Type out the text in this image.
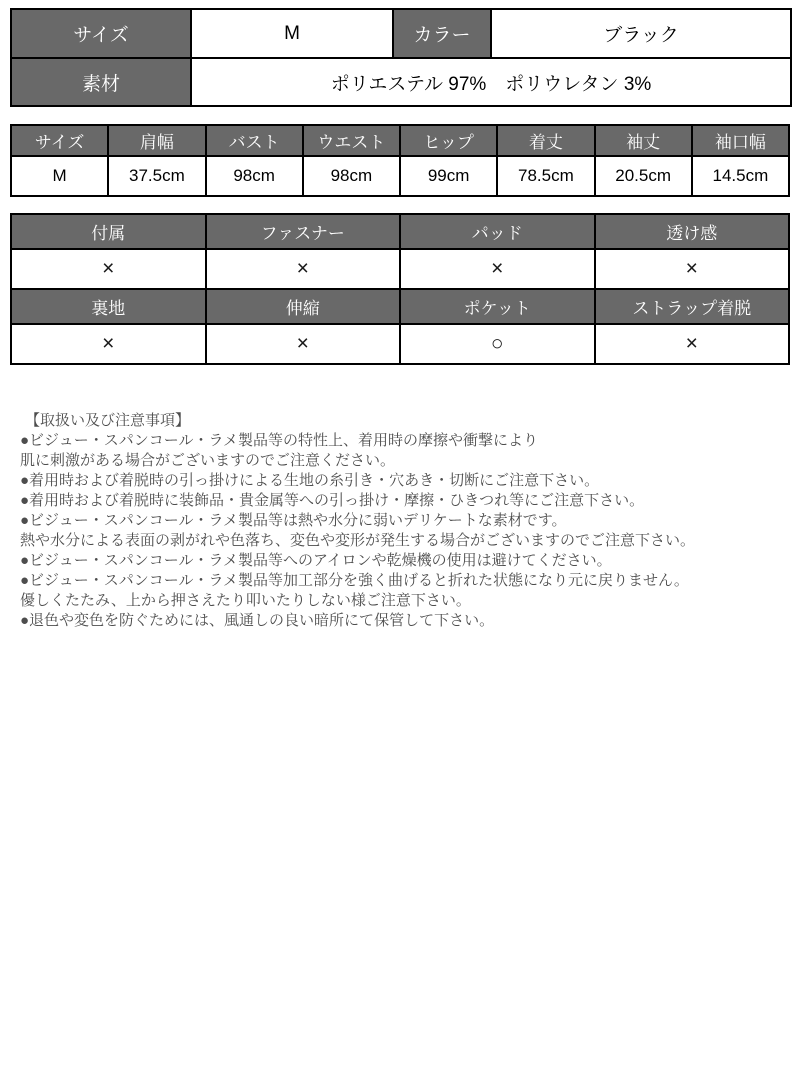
サイズ	M	カラー	ブラック
素材	ポリエステル 97%　ポリウレタン 3%		
サイズ	肩幅	バスト	ウエスト	ヒップ	着丈	袖丈	袖口幅
M	37.5cm	98cm	98cm	99cm	78.5cm	20.5cm	14.5cm
付属	ファスナー	パッド	透け感
×	×	×	×
裏地	伸縮	ポケット	ストラップ着脱
×	×	○	×
【取扱い及び注意事項】
●ビジュー・スパンコール・ラメ製品等の特性上、着用時の摩擦や衝撃により
肌に刺激がある場合がございますのでご注意ください。
●着用時および着脱時の引っ掛けによる生地の糸引き・穴あき・切断にご注意下さい。
●着用時および着脱時に装飾品・貴金属等への引っ掛け・摩擦・ひきつれ等にご注意下さい。
●ビジュー・スパンコール・ラメ製品等は熱や水分に弱いデリケートな素材です。
熱や水分による表面の剥がれや色落ち、変色や変形が発生する場合がございますのでご注意下さい。
●ビジュー・スパンコール・ラメ製品等へのアイロンや乾燥機の使用は避けてください。
●ビジュー・スパンコール・ラメ製品等加工部分を強く曲げると折れた状態になり元に戻りません。
優しくたたみ、上から押さえたり叩いたりしない様ご注意下さい。
●退色や変色を防ぐためには、風通しの良い暗所にて保管して下さい。
